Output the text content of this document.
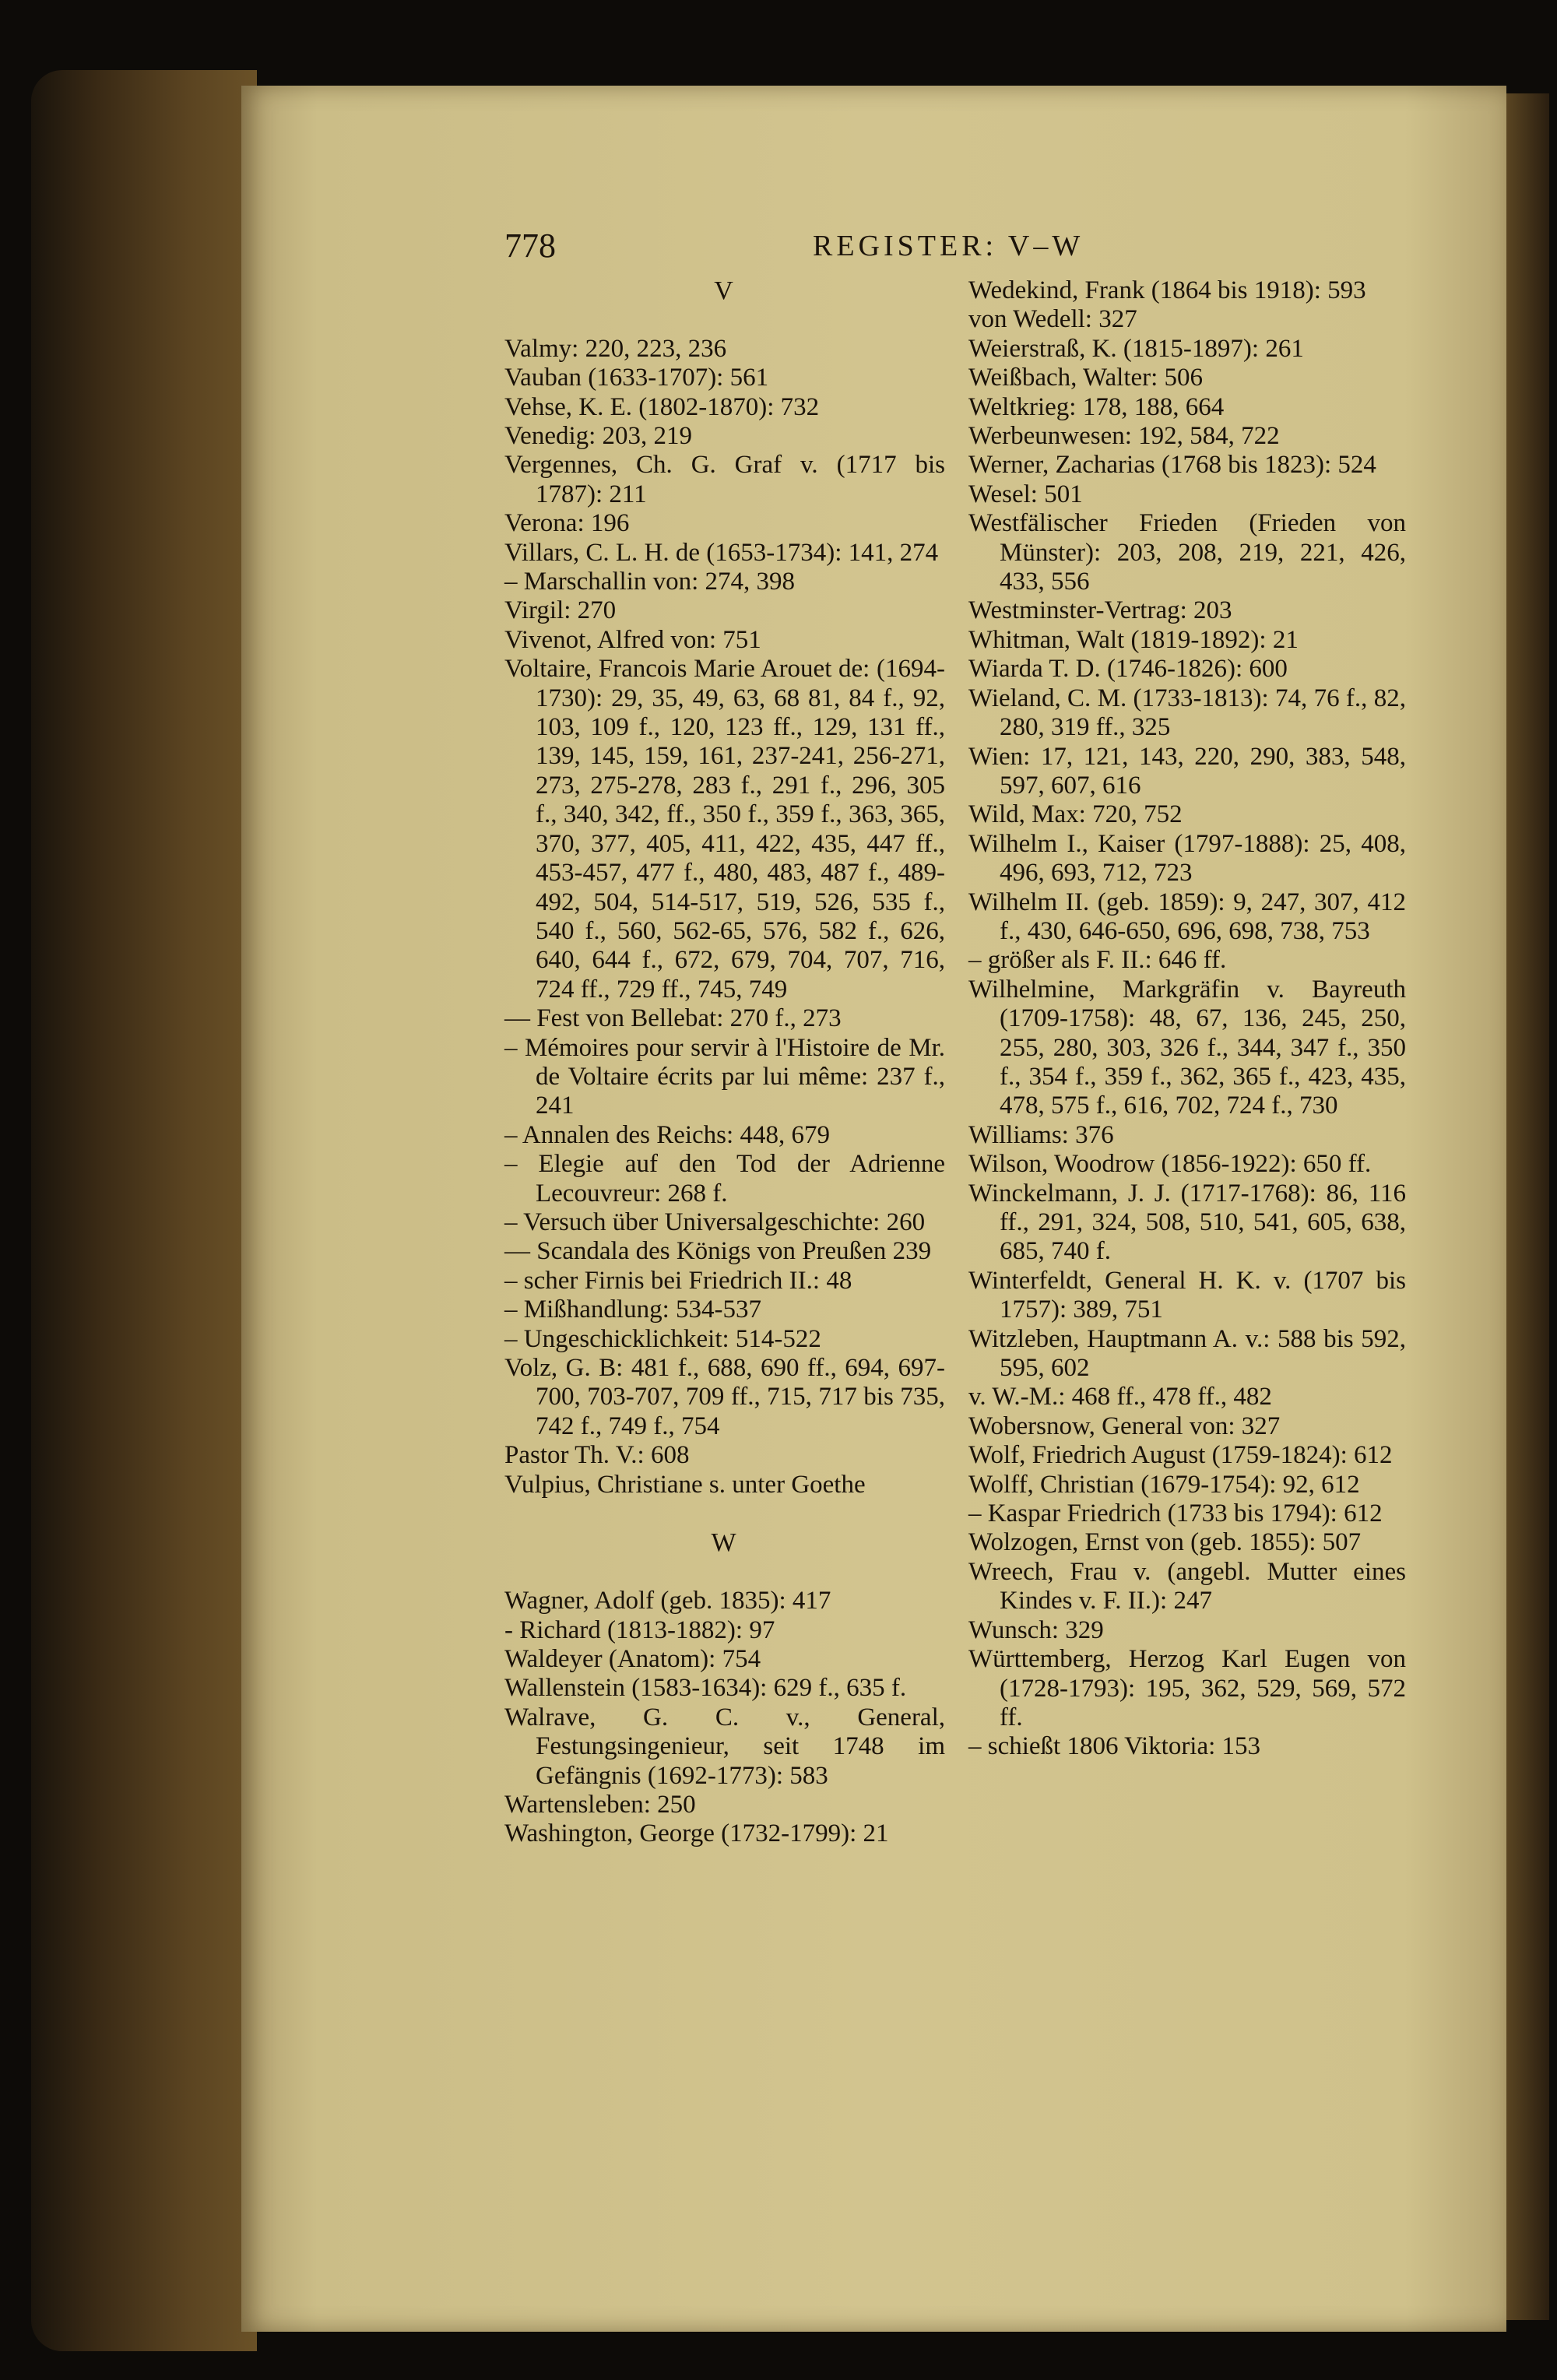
778	REGISTER: V–W

V

Valmy: 220, 223, 236

Vauban (1633-1707): 561

Vehse, K. E. (1802-1870): 732

Venedig: 203, 219

Vergennes, Ch. G. Graf v. (1717 bis 1787): 211

Verona: 196

Villars, C. L. H. de (1653-1734): 141, 274

– Marschallin von: 274, 398

Virgil: 270

Vivenot, Alfred von: 751

Voltaire, Francois Marie Arouet de: (1694-1730): 29, 35, 49, 63, 68 81, 84 f., 92, 103, 109 f., 120, 123 ff., 129, 131 ff., 139, 145, 159, 161, 237-241, 256-271, 273, 275-278, 283 f., 291 f., 296, 305 f., 340, 342, ff., 350 f., 359 f., 363, 365, 370, 377, 405, 411, 422, 435, 447 ff., 453-457, 477 f., 480, 483, 487 f., 489-492, 504, 514-517, 519, 526, 535 f., 540 f., 560, 562-65, 576, 582 f., 626, 640, 644 f., 672, 679, 704, 707, 716, 724 ff., 729 ff., 745, 749

— Fest von Bellebat: 270 f., 273

– Mémoires pour servir à l'Histoire de Mr. de Voltaire écrits par lui même: 237 f., 241

– Annalen des Reichs: 448, 679

– Elegie auf den Tod der Adrienne Lecouvreur: 268 f.

– Versuch über Universalgeschichte: 260

— Scandala des Königs von Preußen 239

– scher Firnis bei Friedrich II.: 48

– Mißhandlung: 534-537

– Ungeschicklichkeit: 514-522

Volz, G. B: 481 f., 688, 690 ff., 694, 697-700, 703-707, 709 ff., 715, 717 bis 735, 742 f., 749 f., 754

Pastor Th. V.: 608

Vulpius, Christiane s. unter Goethe

W

Wagner, Adolf (geb. 1835): 417

- Richard (1813-1882): 97

Waldeyer (Anatom): 754

Wallenstein (1583-1634): 629 f., 635 f.

Walrave, G. C. v., General, Festungsingenieur, seit 1748 im Gefängnis (1692-1773): 583

Wartensleben: 250

Washington, George (1732-1799): 21

Wedekind, Frank (1864 bis 1918): 593

von Wedell: 327

Weierstraß, K. (1815-1897): 261

Weißbach, Walter: 506

Weltkrieg: 178, 188, 664

Werbeunwesen: 192, 584, 722

Werner, Zacharias (1768 bis 1823): 524

Wesel: 501

Westfälischer Frieden (Frieden von Münster): 203, 208, 219, 221, 426, 433, 556

Westminster-Vertrag: 203

Whitman, Walt (1819-1892): 21

Wiarda T. D. (1746-1826): 600

Wieland, C. M. (1733-1813): 74, 76 f., 82, 280, 319 ff., 325

Wien: 17, 121, 143, 220, 290, 383, 548, 597, 607, 616

Wild, Max: 720, 752

Wilhelm I., Kaiser (1797-1888): 25, 408, 496, 693, 712, 723

Wilhelm II. (geb. 1859): 9, 247, 307, 412 f., 430, 646-650, 696, 698, 738, 753

– größer als F. II.: 646 ff.

Wilhelmine, Markgräfin v. Bayreuth (1709-1758): 48, 67, 136, 245, 250, 255, 280, 303, 326 f., 344, 347 f., 350 f., 354 f., 359 f., 362, 365 f., 423, 435, 478, 575 f., 616, 702, 724 f., 730

Williams: 376

Wilson, Woodrow (1856-1922): 650 ff.

Winckelmann, J. J. (1717-1768): 86, 116 ff., 291, 324, 508, 510, 541, 605, 638, 685, 740 f.

Winterfeldt, General H. K. v. (1707 bis 1757): 389, 751

Witzleben, Hauptmann A. v.: 588 bis 592, 595, 602

v. W.-M.: 468 ff., 478 ff., 482

Wobersnow, General von: 327

Wolf, Friedrich August (1759-1824): 612

Wolff, Christian (1679-1754): 92, 612

– Kaspar Friedrich (1733 bis 1794): 612

Wolzogen, Ernst von (geb. 1855): 507

Wreech, Frau v. (angebl. Mutter eines Kindes v. F. II.): 247

Wunsch: 329

Württemberg, Herzog Karl Eugen von (1728-1793): 195, 362, 529, 569, 572 ff.

– schießt 1806 Viktoria: 153
